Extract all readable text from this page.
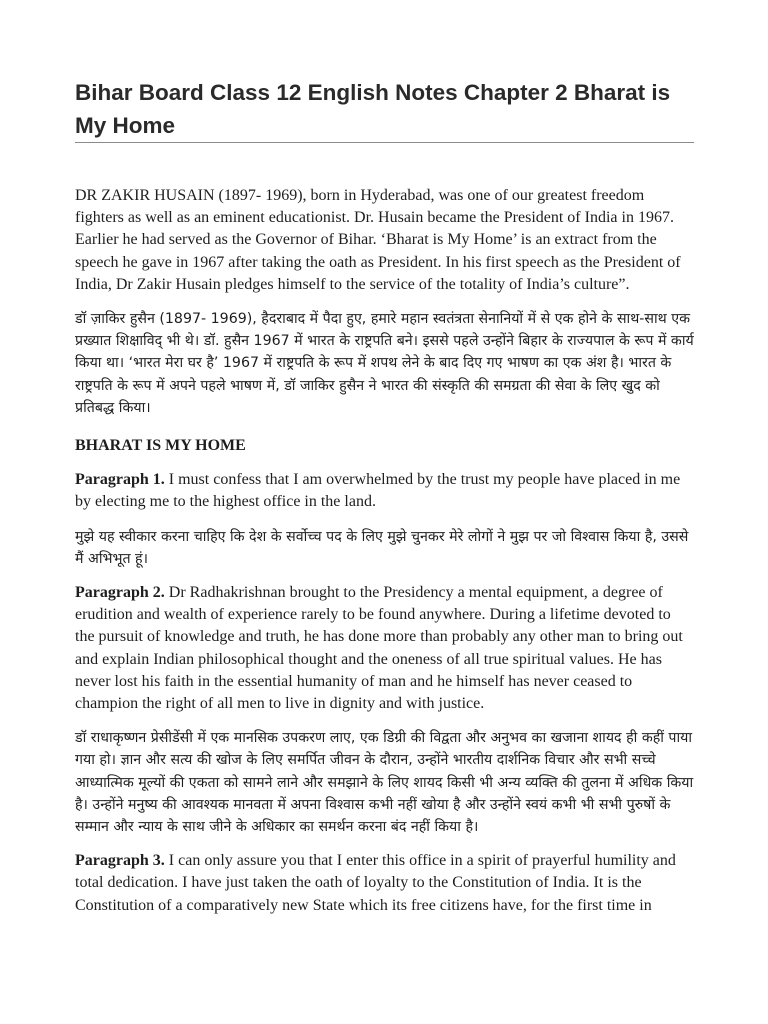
Bihar Board Class 12 English Notes Chapter 2 Bharat is My Home

DR ZAKIR HUSAIN (1897- 1969), born in Hyderabad, was one of our greatest freedom fighters as well as an eminent educationist. Dr. Husain became the President of India in 1967. Earlier he had served as the Governor of Bihar. ‘Bharat is My Home’ is an extract from the speech he gave in 1967 after taking the oath as President. In his first speech as the President of India, Dr Zakir Husain pledges himself to the service of the totality of India’s culture”.

डॉ ज़ाकिर हुसैन (1897- 1969), हैदराबाद में पैदा हुए, हमारे महान स्वतंत्रता सेनानियों में से एक होने के साथ-साथ एक प्रख्यात शिक्षाविद् भी थे। डॉ. हुसैन 1967 में भारत के राष्ट्रपति बने। इससे पहले उन्होंने बिहार के राज्यपाल के रूप में कार्य किया था। ‘भारत मेरा घर है’ 1967 में राष्ट्रपति के रूप में शपथ लेने के बाद दिए गए भाषण का एक अंश है। भारत के राष्ट्रपति के रूप में अपने पहले भाषण में, डॉ जाकिर हुसैन ने भारत की संस्कृति की समग्रता की सेवा के लिए खुद को प्रतिबद्ध किया।

BHARAT IS MY HOME

Paragraph 1. I must confess that I am overwhelmed by the trust my people have placed in me by electing me to the highest office in the land.

मुझे यह स्वीकार करना चाहिए कि देश के सर्वोच्च पद के लिए मुझे चुनकर मेरे लोगों ने मुझ पर जो विश्वास किया है, उससे मैं अभिभूत हूं।

Paragraph 2. Dr Radhakrishnan brought to the Presidency a mental equipment, a degree of erudition and wealth of experience rarely to be found anywhere. During a lifetime devoted to the pursuit of knowledge and truth, he has done more than probably any other man to bring out and explain Indian philosophical thought and the oneness of all true spiritual values. He has never lost his faith in the essential humanity of man and he himself has never ceased to champion the right of all men to live in dignity and with justice.

डॉ राधाकृष्णन प्रेसीडेंसी में एक मानसिक उपकरण लाए, एक डिग्री की विद्वता और अनुभव का खजाना शायद ही कहीं पाया गया हो। ज्ञान और सत्य की खोज के लिए समर्पित जीवन के दौरान, उन्होंने भारतीय दार्शनिक विचार और सभी सच्चे आध्यात्मिक मूल्यों की एकता को सामने लाने और समझाने के लिए शायद किसी भी अन्य व्यक्ति की तुलना में अधिक किया है। उन्होंने मनुष्य की आवश्यक मानवता में अपना विश्वास कभी नहीं खोया है और उन्होंने स्वयं कभी भी सभी पुरुषों के सम्मान और न्याय के साथ जीने के अधिकार का समर्थन करना बंद नहीं किया है।

Paragraph 3. I can only assure you that I enter this office in a spirit of prayerful humility and total dedication. I have just taken the oath of loyalty to the Constitution of India. It is the Constitution of a comparatively new State which its free citizens have, for the first time in
